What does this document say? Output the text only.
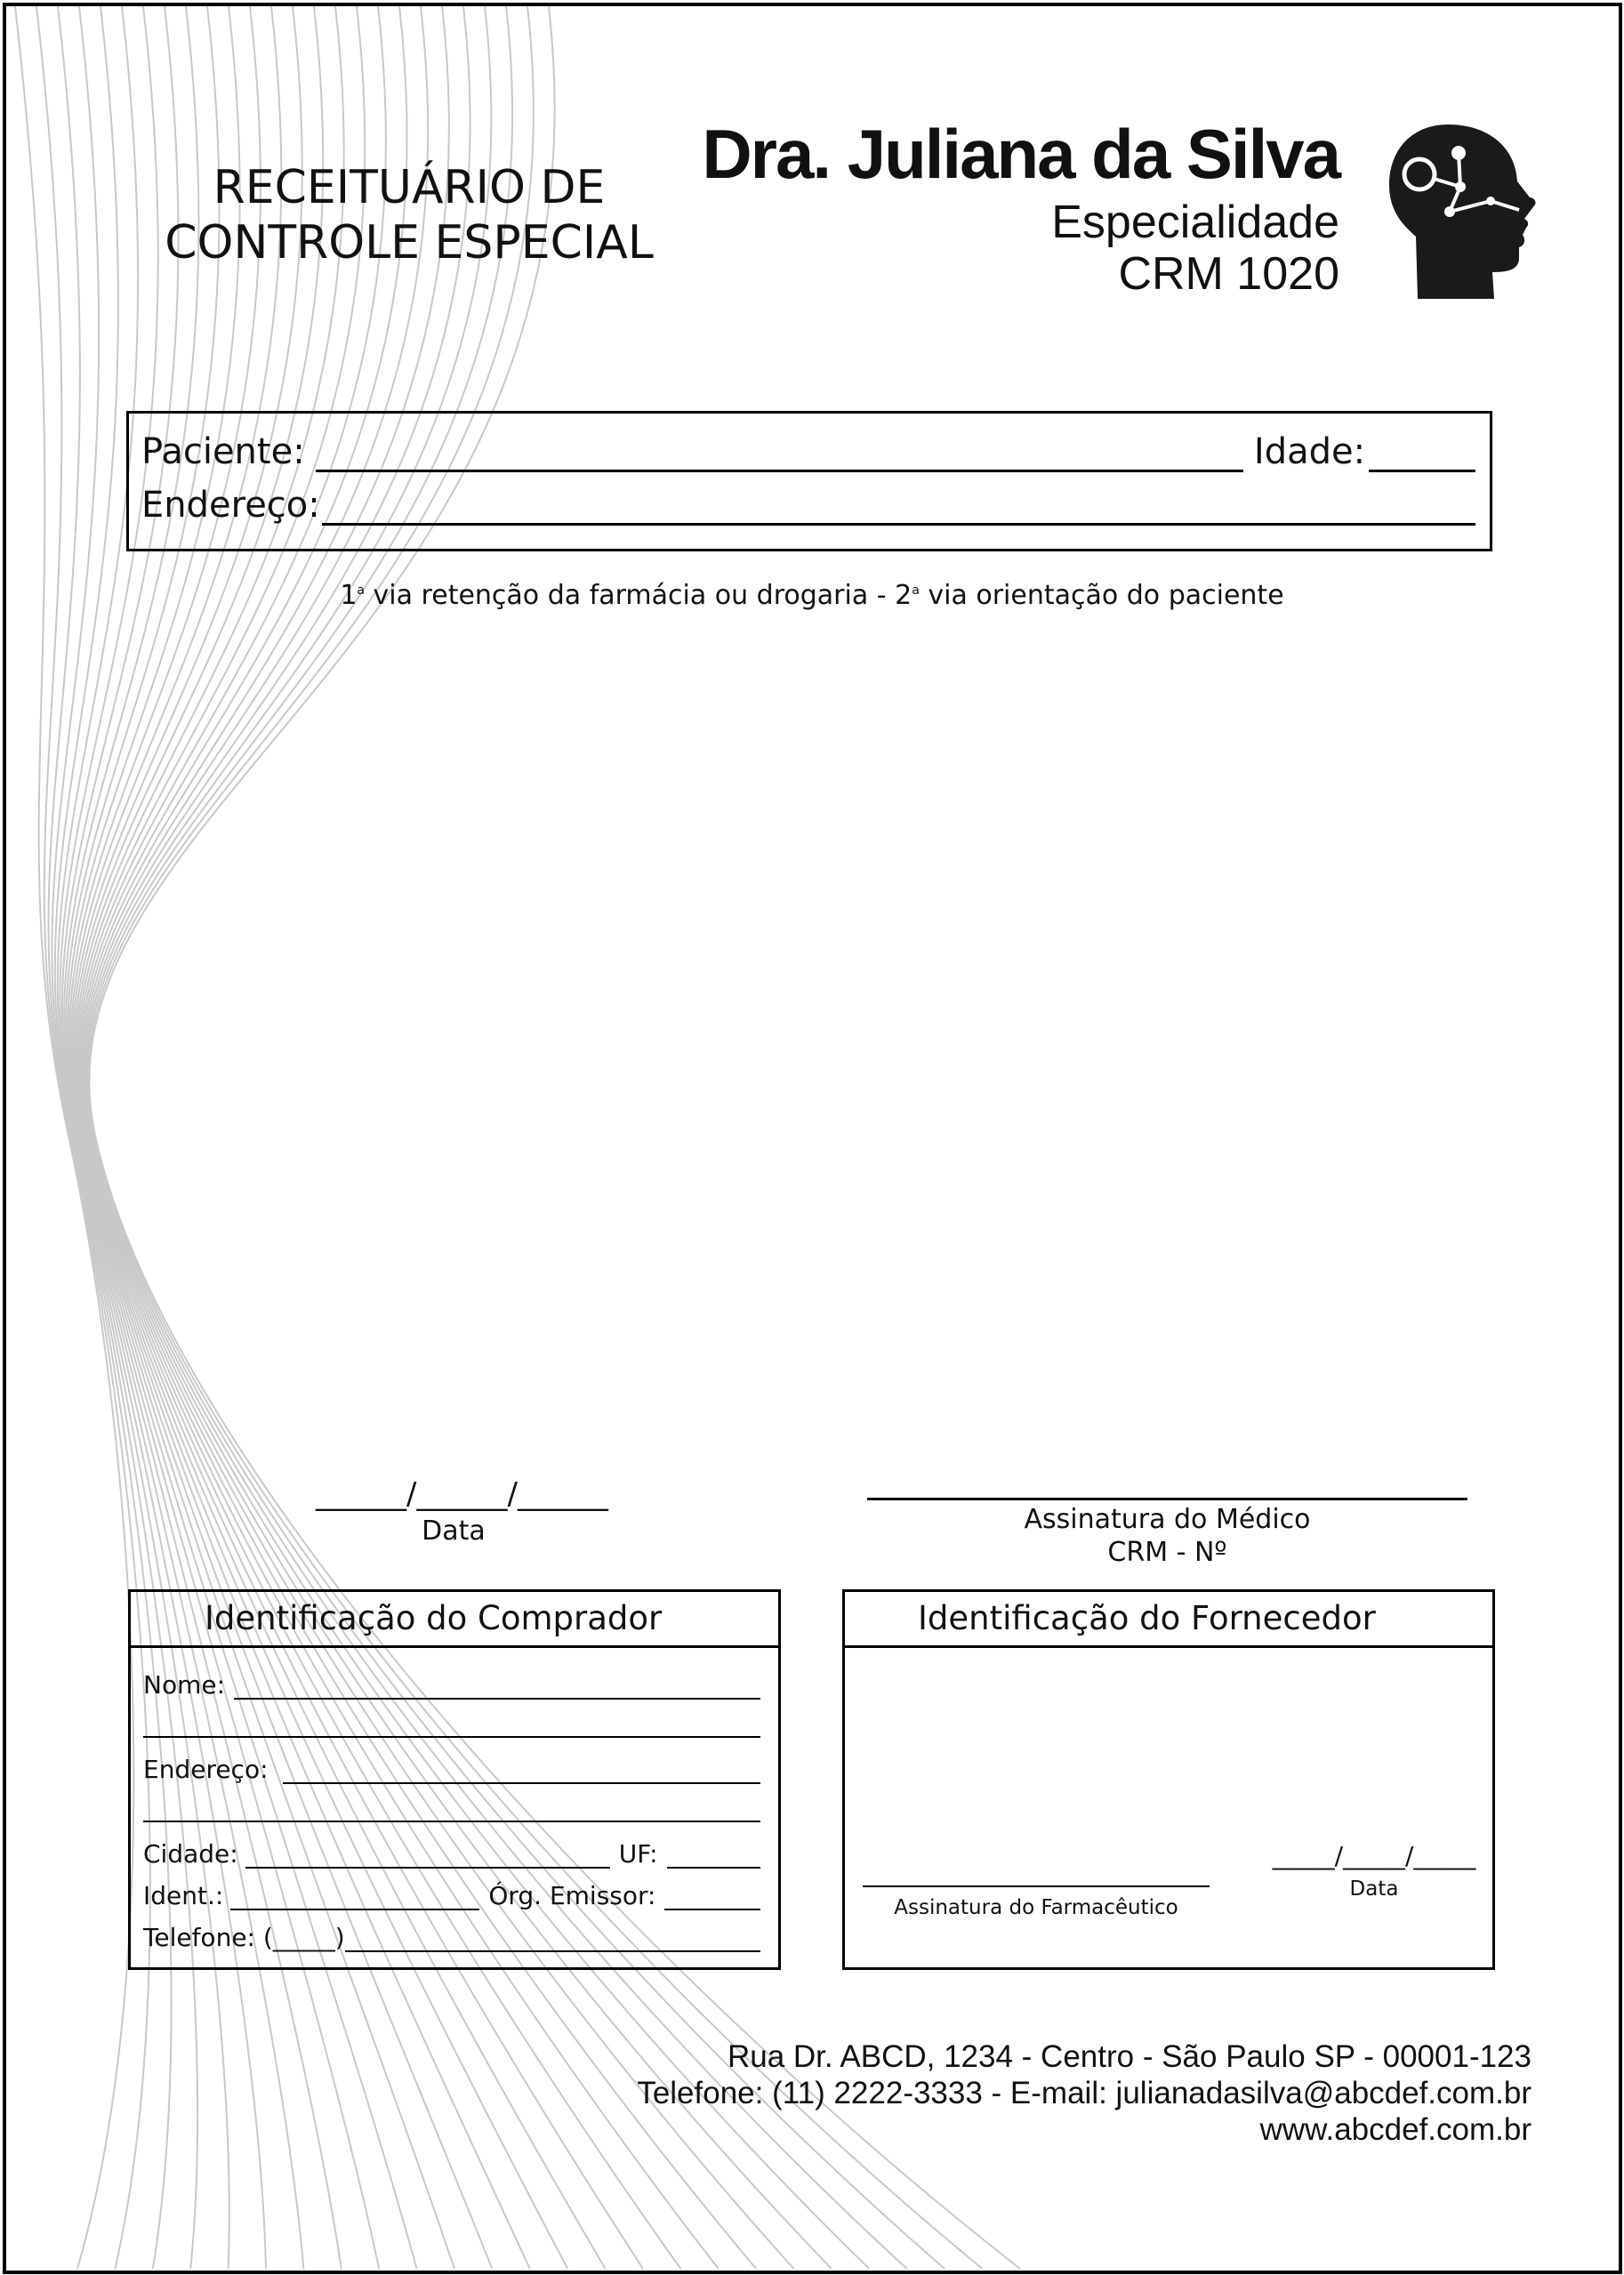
RECEITUÁRIO DE
CONTROLE ESPECIAL
Dra. Juliana da Silva
Especialidade
CRM 1020
Paciente:	Idade:
Endereço:
1$^a$ via retenção da farmácia ou drogaria - 2$^a$ via orientação do paciente
______/______/______
Data	Assinatura do Médico
CRM - Nº
Identificação do Comprador
Nome:
Endereço:
Cidade:	UF:
Ident.:	Órg. Emissor:
Telefone: (_____)
Identificação do Fornecedor
Assinatura do Farmacêutico
_____/_____/_____
Data
Rua Dr. ABCD, 1234 - Centro - São Paulo SP - 00001-123
Telefone: (11) 2222-3333 - E-mail: julianadasilva@abcdef.com.br
www.abcdef.com.br
